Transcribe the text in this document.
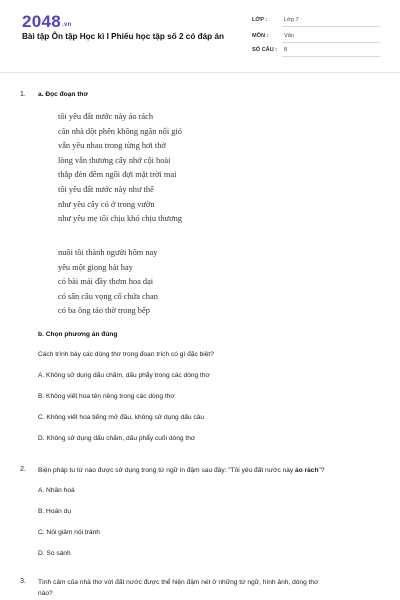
2048.vn
Bài tập Ôn tập Học kì I Phiếu học tập số 2 có đáp án
LỚP :	Lớp 7
MÔN :	Văn
SỐ CÂU : 8
1. a. Đọc đoạn thơ
tôi yêu đất nước này áo rách
căn nhà dột phên không ngăn nổi gió
vẫn yêu nhau trong từng hơi thở
lòng vẫn thương cây nhớ cội hoài
thắp đèn đêm ngồi đợi mặt trời mai
tôi yêu đất nước này như thế
như yêu cây cỏ ở trong vườn
như yêu mẹ tôi chịu khó chịu thương
nuôi tôi thành người hôm nay
yêu một giọng hát hay
cỏ bài mái đầy thơm hoa dại
có sân câu vọng cổ chứa chan
có ba ông táo thờ trong bếp
b. Chọn phương án đúng
Cách trình bày các dòng thơ trong đoạn trích có gì đặc biệt?
A. Không sử dụng dấu chấm, dấu phẩy trong các dòng thơ
B. Không viết hoa tên riêng trong các dòng thơ
C. Không viết hoa tiếng mở đầu, không sử dụng dấu câu
D. Không sử dụng dấu chấm, dấu phẩy cuối dòng thơ
2. Biện pháp tu từ nào được sử dụng trong từ ngữ in đậm sau đây: "Tôi yêu đất nước này áo rách"?
A. Nhân hoá
B. Hoán dụ
C. Nói giảm nói tránh
D. So sánh
3. Tình cảm của nhà thơ với đất nước được thể hiện đậm nét ở những từ ngữ, hình ảnh, dòng thơ
nào?
